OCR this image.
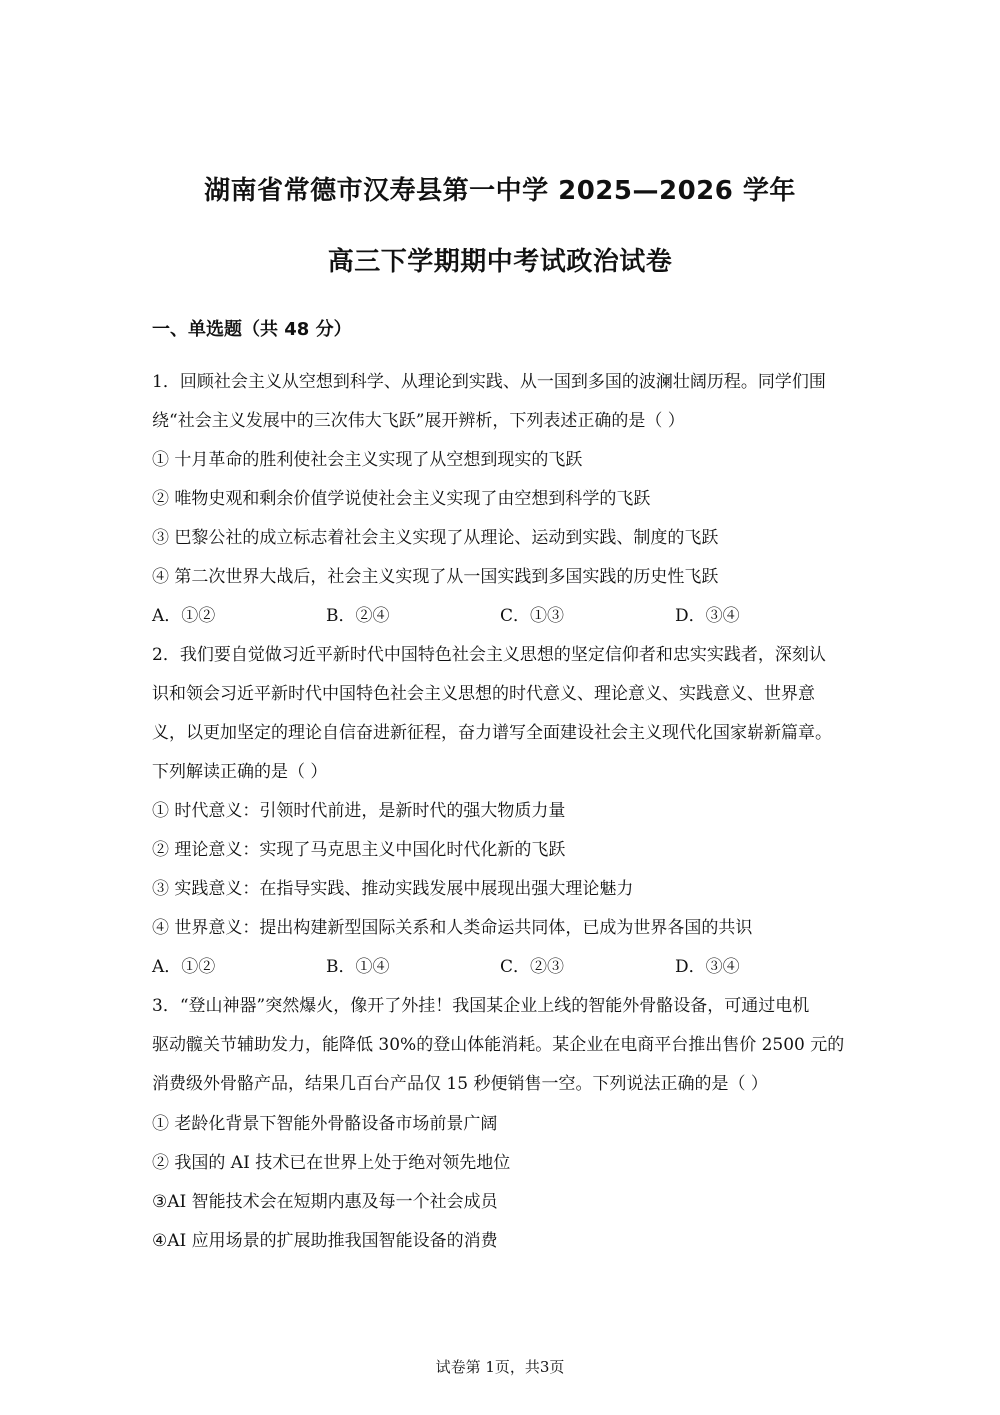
湖南省常德市汉寿县第一中学 2025—2026 学年
高三下学期期中考试政治试卷
一、单选题（共 48 分）
1．回顾社会主义从空想到科学、从理论到实践、从一国到多国的波澜壮阔历程。同学们围
绕“社会主义发展中的三次伟大飞跃”展开辨析，下列表述正确的是（ ）
① 十月革命的胜利使社会主义实现了从空想到现实的飞跃
② 唯物史观和剩余价值学说使社会主义实现了由空想到科学的飞跃
③ 巴黎公社的成立标志着社会主义实现了从理论、运动到实践、制度的飞跃
④ 第二次世界大战后，社会主义实现了从一国实践到多国实践的历史性飞跃
A．①②	B．②④	C．①③	D．③④
2．我们要自觉做习近平新时代中国特色社会主义思想的坚定信仰者和忠实实践者，深刻认
识和领会习近平新时代中国特色社会主义思想的时代意义、理论意义、实践意义、世界意
义，以更加坚定的理论自信奋进新征程，奋力谱写全面建设社会主义现代化国家崭新篇章。
下列解读正确的是（ ）
① 时代意义：引领时代前进，是新时代的强大物质力量
② 理论意义：实现了马克思主义中国化时代化新的飞跃
③ 实践意义：在指导实践、推动实践发展中展现出强大理论魅力
④ 世界意义：提出构建新型国际关系和人类命运共同体，已成为世界各国的共识
A．①②	B．①④	C．②③	D．③④
3．“登山神器”突然爆火，像开了外挂！我国某企业上线的智能外骨骼设备，可通过电机
驱动髋关节辅助发力，能降低 30%的登山体能消耗。某企业在电商平台推出售价 2500 元的
消费级外骨骼产品，结果几百台产品仅 15 秒便销售一空。下列说法正确的是（ ）
① 老龄化背景下智能外骨骼设备市场前景广阔
② 我国的 AI 技术已在世界上处于绝对领先地位
③AI 智能技术会在短期内惠及每一个社会成员
④AI 应用场景的扩展助推我国智能设备的消费
试卷第 1页，共3页
